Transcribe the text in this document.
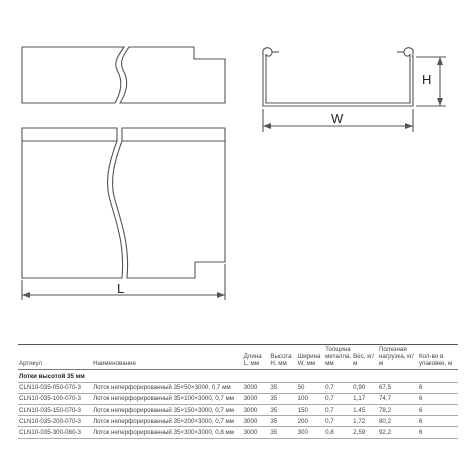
H
W
L
Артикул	Наименование	Длина L, мм	Высота H, мм	Ширина W, мм	Толщина металла, мм	Вес, кг/м	Полезная нагрузка, кг/м	Кол-во в упаковке, м
Лотки высотой 35 мм								
CLN10-035-050-070-3	Лоток неперфорированный 35×50×3000, 0,7 мм	3000	35	50	0,7	0,90	67,5	6
CLN10-035-100-070-3	Лоток неперфорированный 35×100×3000, 0,7 мм	3000	35	100	0,7	1,17	74,7	6
CLN10-035-150-070-3	Лоток неперфорированный 35×150×3000, 0,7 мм	3000	35	150	0,7	1,45	78,2	6
CLN10-035-200-070-3	Лоток неперфорированный 35×200×3000, 0,7 мм	3000	35	200	0,7	1,72	80,2	6
CLN10-035-300-080-3	Лоток неперфорированный 35×300×3000, 0,8 мм	3000	35	300	0,8	2,59	92,2	6
